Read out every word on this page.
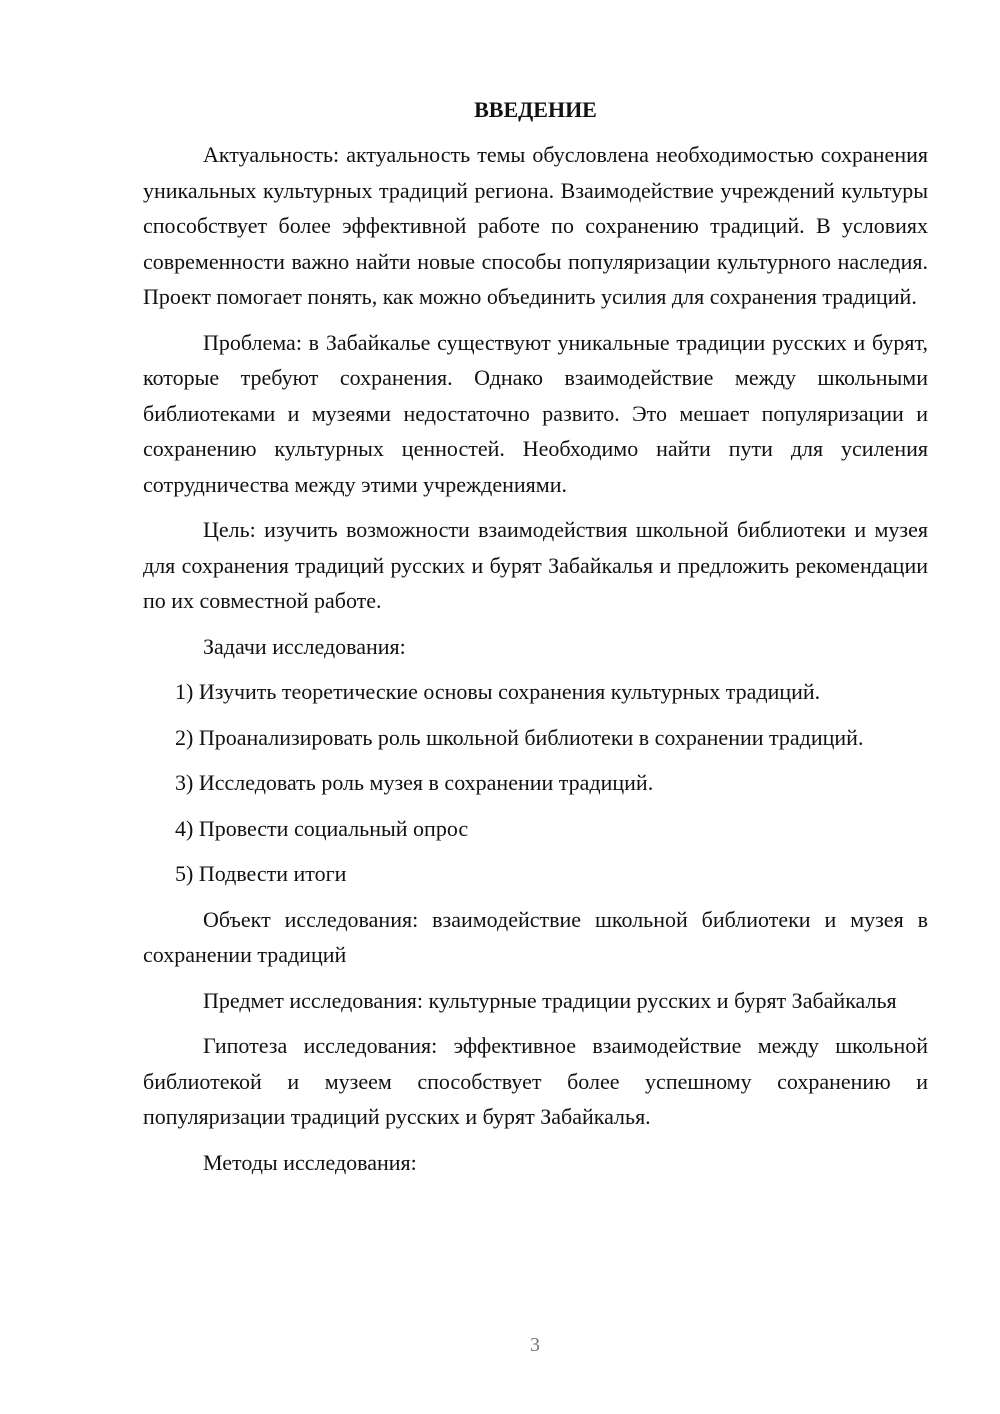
ВВЕДЕНИЕ

Актуальность: актуальность темы обусловлена необходимостью сохранения уникальных культурных традиций региона. Взаимодействие учреждений культуры способствует более эффективной работе по сохранению традиций. В условиях современности важно найти новые способы популяризации культурного наследия. Проект помогает понять, как можно объединить усилия для сохранения традиций.

Проблема: в Забайкалье существуют уникальные традиции русских и бурят, которые требуют сохранения. Однако взаимодействие между школьными библиотеками и музеями недостаточно развито. Это мешает популяризации и сохранению культурных ценностей. Необходимо найти пути для усиления сотрудничества между этими учреждениями.

Цель: изучить возможности взаимодействия школьной библиотеки и музея для сохранения традиций русских и бурят Забайкалья и предложить рекомендации по их совместной работе.

Задачи исследования:

1) Изучить теоретические основы сохранения культурных традиций.

2) Проанализировать роль школьной библиотеки в сохранении традиций.

3) Исследовать роль музея в сохранении традиций.

4) Провести социальный опрос

5) Подвести итоги

Объект исследования: взаимодействие школьной библиотеки и музея в сохранении традиций

Предмет исследования: культурные традиции русских и бурят Забайкалья

Гипотеза исследования: эффективное взаимодействие между школьной библиотекой и музеем способствует более успешному сохранению и популяризации традиций русских и бурят Забайкалья.

Методы исследования:

3
